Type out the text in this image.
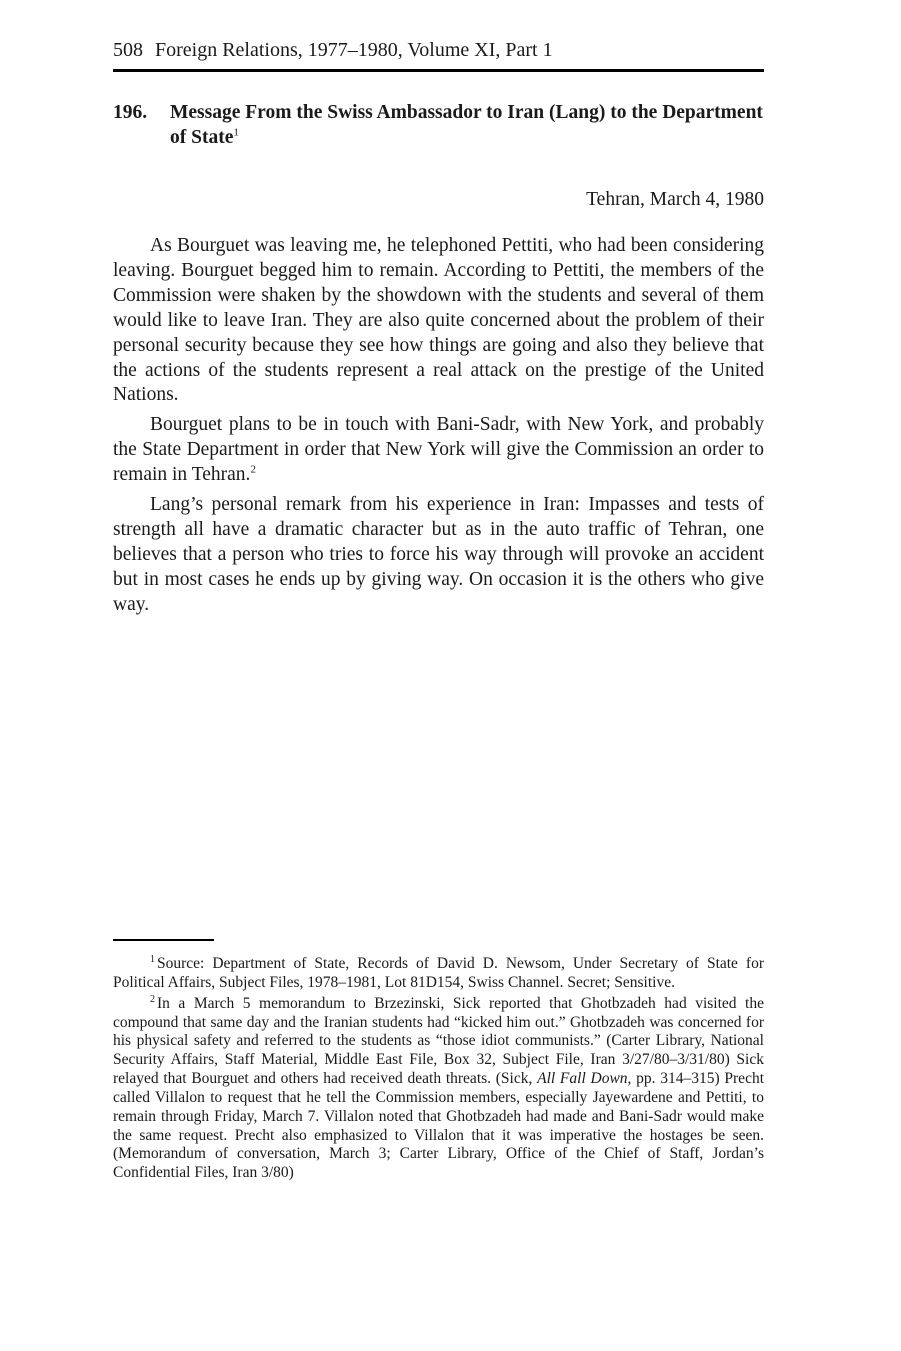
508 Foreign Relations, 1977–1980, Volume XI, Part 1
196. Message From the Swiss Ambassador to Iran (Lang) to the Department of State$^1$
Tehran, March 4, 1980

As Bourguet was leaving me, he telephoned Pettiti, who had been considering leaving. Bourguet begged him to remain. According to Pettiti, the members of the Commission were shaken by the showdown with the students and several of them would like to leave Iran. They are also quite concerned about the problem of their personal security because they see how things are going and also they believe that the actions of the students represent a real attack on the prestige of the United Nations.

Bourguet plans to be in touch with Bani-Sadr, with New York, and probably the State Department in order that New York will give the Commission an order to remain in Tehran.$^2$

Lang’s personal remark from his experience in Iran: Impasses and tests of strength all have a dramatic character but as in the auto traffic of Tehran, one believes that a person who tries to force his way through will provoke an accident but in most cases he ends up by giving way. On occasion it is the others who give way.

$^1$ Source: Department of State, Records of David D. Newsom, Under Secretary of State for Political Affairs, Subject Files, 1978–1981, Lot 81D154, Swiss Channel. Secret; Sensitive.

$^2$ In a March 5 memorandum to Brzezinski, Sick reported that Ghotbzadeh had visited the compound that same day and the Iranian students had “kicked him out.” Ghotbzadeh was concerned for his physical safety and referred to the students as “those idiot communists.” (Carter Library, National Security Affairs, Staff Material, Middle East File, Box 32, Subject File, Iran 3/27/80–3/31/80) Sick relayed that Bourguet and others had received death threats. (Sick, All Fall Down, pp. 314–315) Precht called Villalon to request that he tell the Commission members, especially Jayewardene and Pettiti, to remain through Friday, March 7. Villalon noted that Ghotbzadeh had made and Bani-Sadr would make the same request. Precht also emphasized to Villalon that it was imperative the hostages be seen. (Memorandum of conversation, March 3; Carter Library, Office of the Chief of Staff, Jordan’s Confidential Files, Iran 3/80)
